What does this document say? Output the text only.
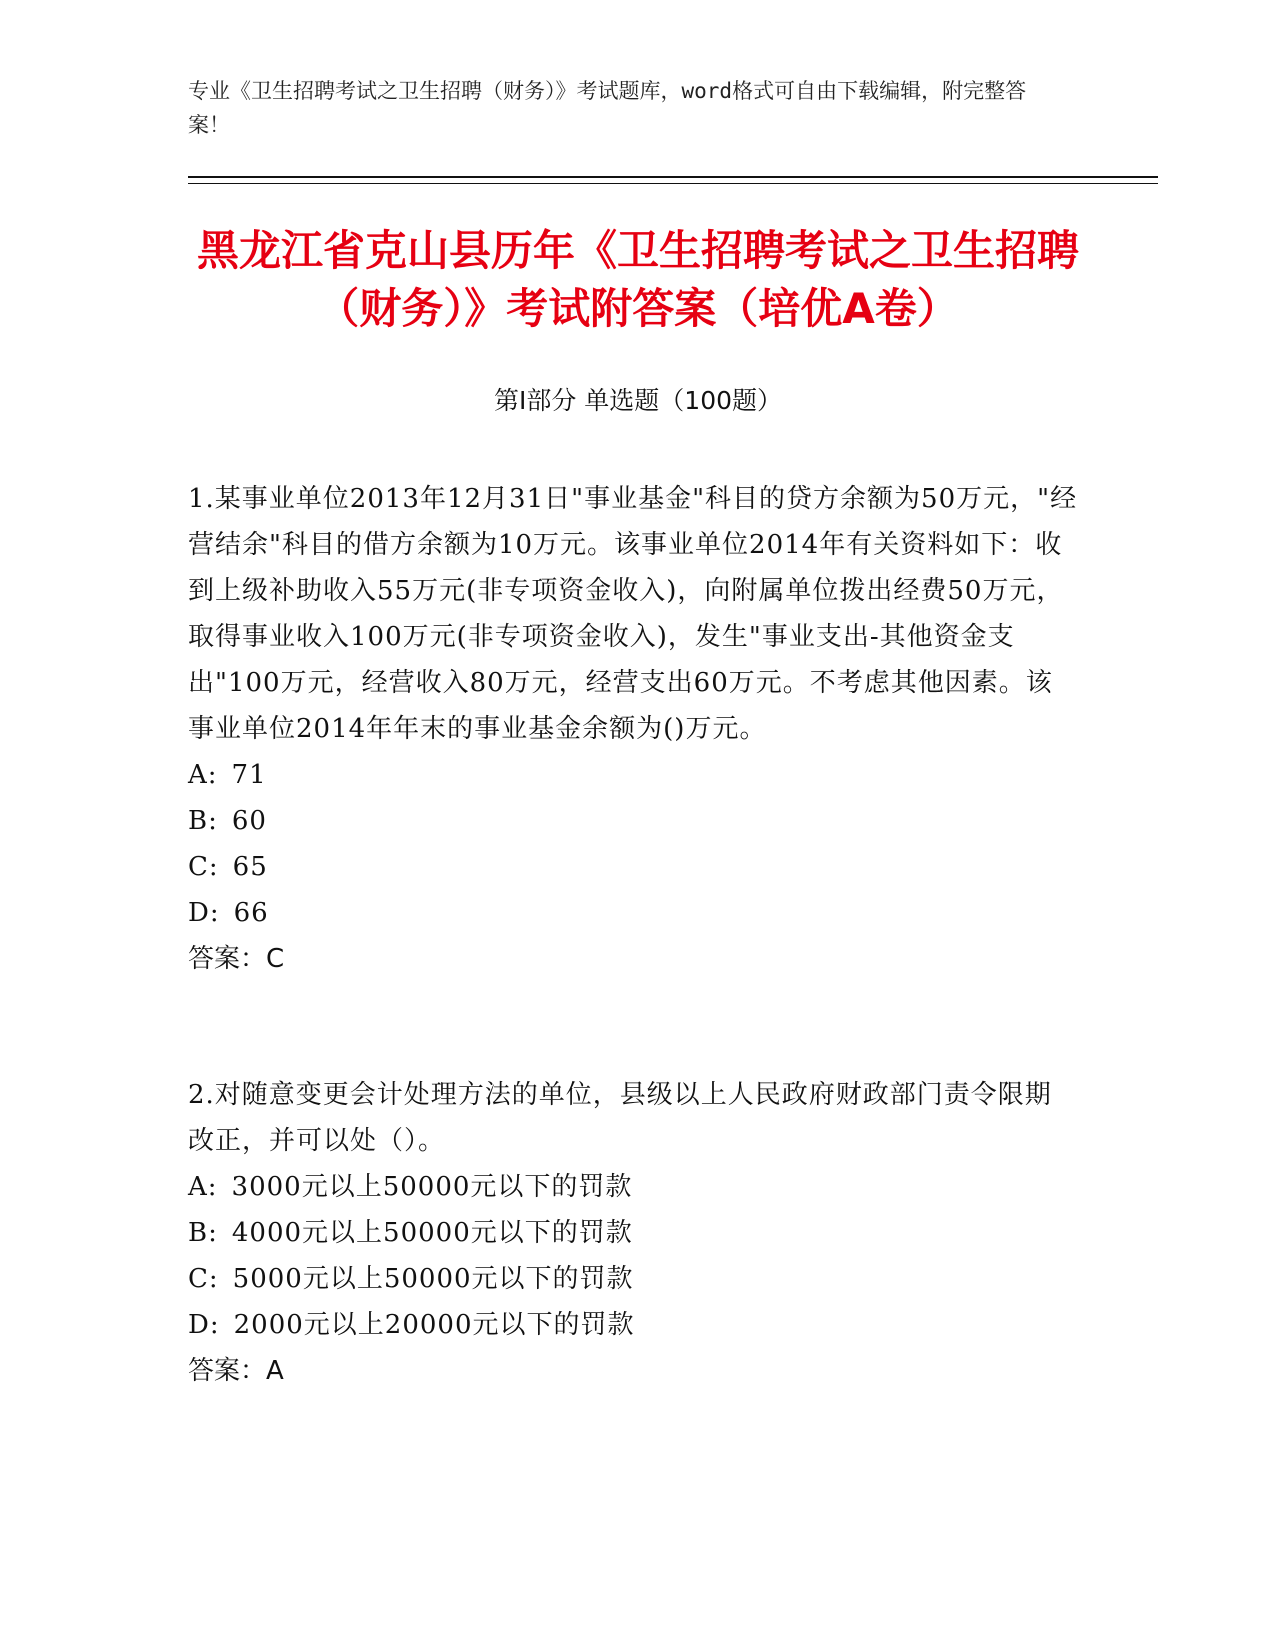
专业《卫生招聘考试之卫生招聘（财务）》考试题库，word格式可自由下载编辑，附完整答案！
黑龙江省克山县历年《卫生招聘考试之卫生招聘（财务）》考试附答案（培优A卷）
第Ⅰ部分 单选题（100题）
1.某事业单位2013年12月31日"事业基金"科目的贷方余额为50万元，"经营结余"科目的借方余额为10万元。该事业单位2014年有关资料如下：收到上级补助收入55万元(非专项资金收入)，向附属单位拨出经费50万元，取得事业收入100万元(非专项资金收入)，发生"事业支出-其他资金支出"100万元，经营收入80万元，经营支出60万元。不考虑其他因素。该事业单位2014年年末的事业基金余额为()万元。
A: 71
B: 60
C: 65
D: 66
答案：C
2.对随意变更会计处理方法的单位，县级以上人民政府财政部门责令限期改正，并可以处（）。
A: 3000元以上50000元以下的罚款
B: 4000元以上50000元以下的罚款
C: 5000元以上50000元以下的罚款
D: 2000元以上20000元以下的罚款
答案：A
